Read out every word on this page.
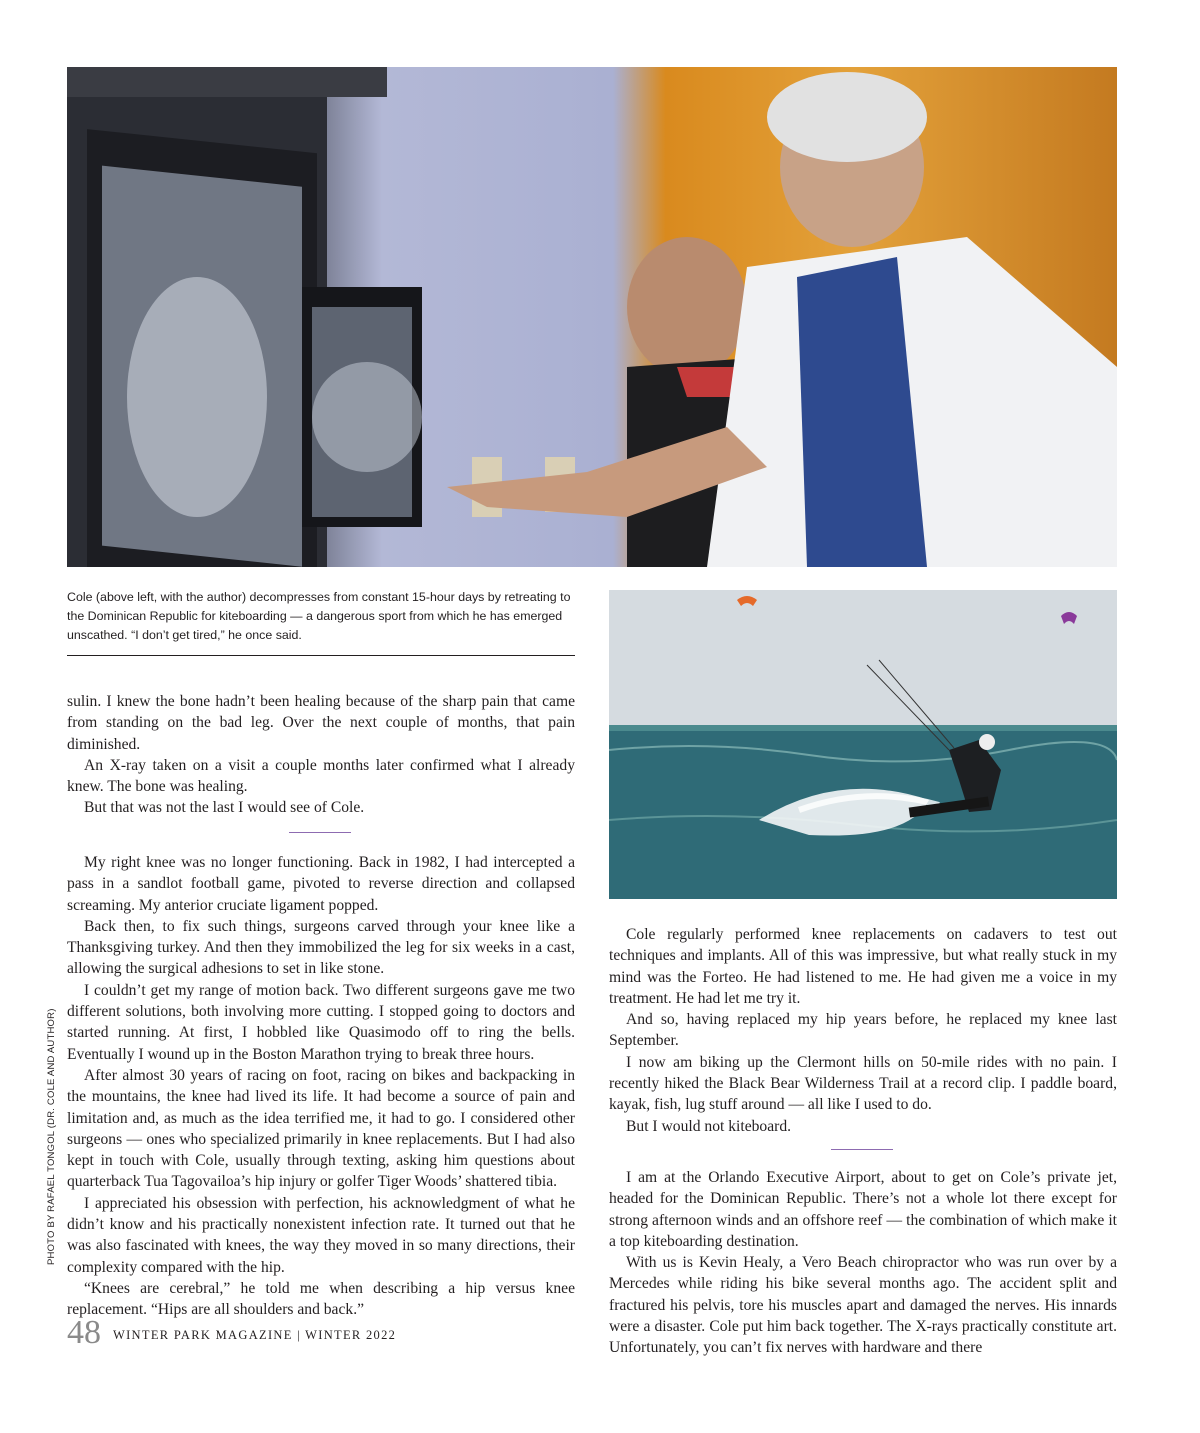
Cole (above left, with the author) decompresses from constant 15-hour days by retreating to the Dominican Republic for kiteboarding — a dangerous sport from which he has emerged unscathed. “I don’t get tired,” he once said.

sulin. I knew the bone hadn’t been healing because of the sharp pain that came from standing on the bad leg. Over the next couple of months, that pain diminished.

An X-ray taken on a visit a couple months later confirmed what I already knew. The bone was healing.

But that was not the last I would see of Cole.

My right knee was no longer functioning. Back in 1982, I had intercepted a pass in a sandlot football game, pivoted to reverse direction and collapsed screaming. My anterior cruciate ligament popped.

Back then, to fix such things, surgeons carved through your knee like a Thanksgiving turkey. And then they immobilized the leg for six weeks in a cast, allowing the surgical adhesions to set in like stone.

I couldn’t get my range of motion back. Two different surgeons gave me two different solutions, both involving more cutting. I stopped going to doctors and started running. At first, I hobbled like Quasimodo off to ring the bells. Eventually I wound up in the Boston Marathon trying to break three hours.

After almost 30 years of racing on foot, racing on bikes and backpacking in the mountains, the knee had lived its life. It had become a source of pain and limitation and, as much as the idea terrified me, it had to go. I considered other surgeons — ones who specialized primarily in knee replacements. But I had also kept in touch with Cole, usually through texting, asking him questions about quarterback Tua Tagovailoa’s hip injury or golfer Tiger Woods’ shattered tibia.

I appreciated his obsession with perfection, his acknowledgment of what he didn’t know and his practically nonexistent infection rate. It turned out that he was also fascinated with knees, the way they moved in so many directions, their complexity compared with the hip.

“Knees are cerebral,” he told me when describing a hip versus knee replacement. “Hips are all shoulders and back.”

Cole regularly performed knee replacements on cadavers to test out techniques and implants. All of this was impressive, but what really stuck in my mind was the Forteo. He had listened to me. He had given me a voice in my treatment. He had let me try it.

And so, having replaced my hip years before, he replaced my knee last September.

I now am biking up the Clermont hills on 50-mile rides with no pain. I recently hiked the Black Bear Wilderness Trail at a record clip. I paddle board, kayak, fish, lug stuff around — all like I used to do.

But I would not kiteboard.

I am at the Orlando Executive Airport, about to get on Cole’s private jet, headed for the Dominican Republic. There’s not a whole lot there except for strong afternoon winds and an offshore reef — the combination of which make it a top kiteboarding destination.

With us is Kevin Healy, a Vero Beach chiropractor who was run over by a Mercedes while riding his bike several months ago. The accident split and fractured his pelvis, tore his muscles apart and damaged the nerves. His innards were a disaster. Cole put him back together. The X-rays practically constitute art. Unfortunately, you can’t fix nerves with hardware and there

PHOTO BY RAFAEL TONGOL (DR. COLE AND AUTHOR)
48 WINTER PARK MAGAZINE | WINTER 2022
